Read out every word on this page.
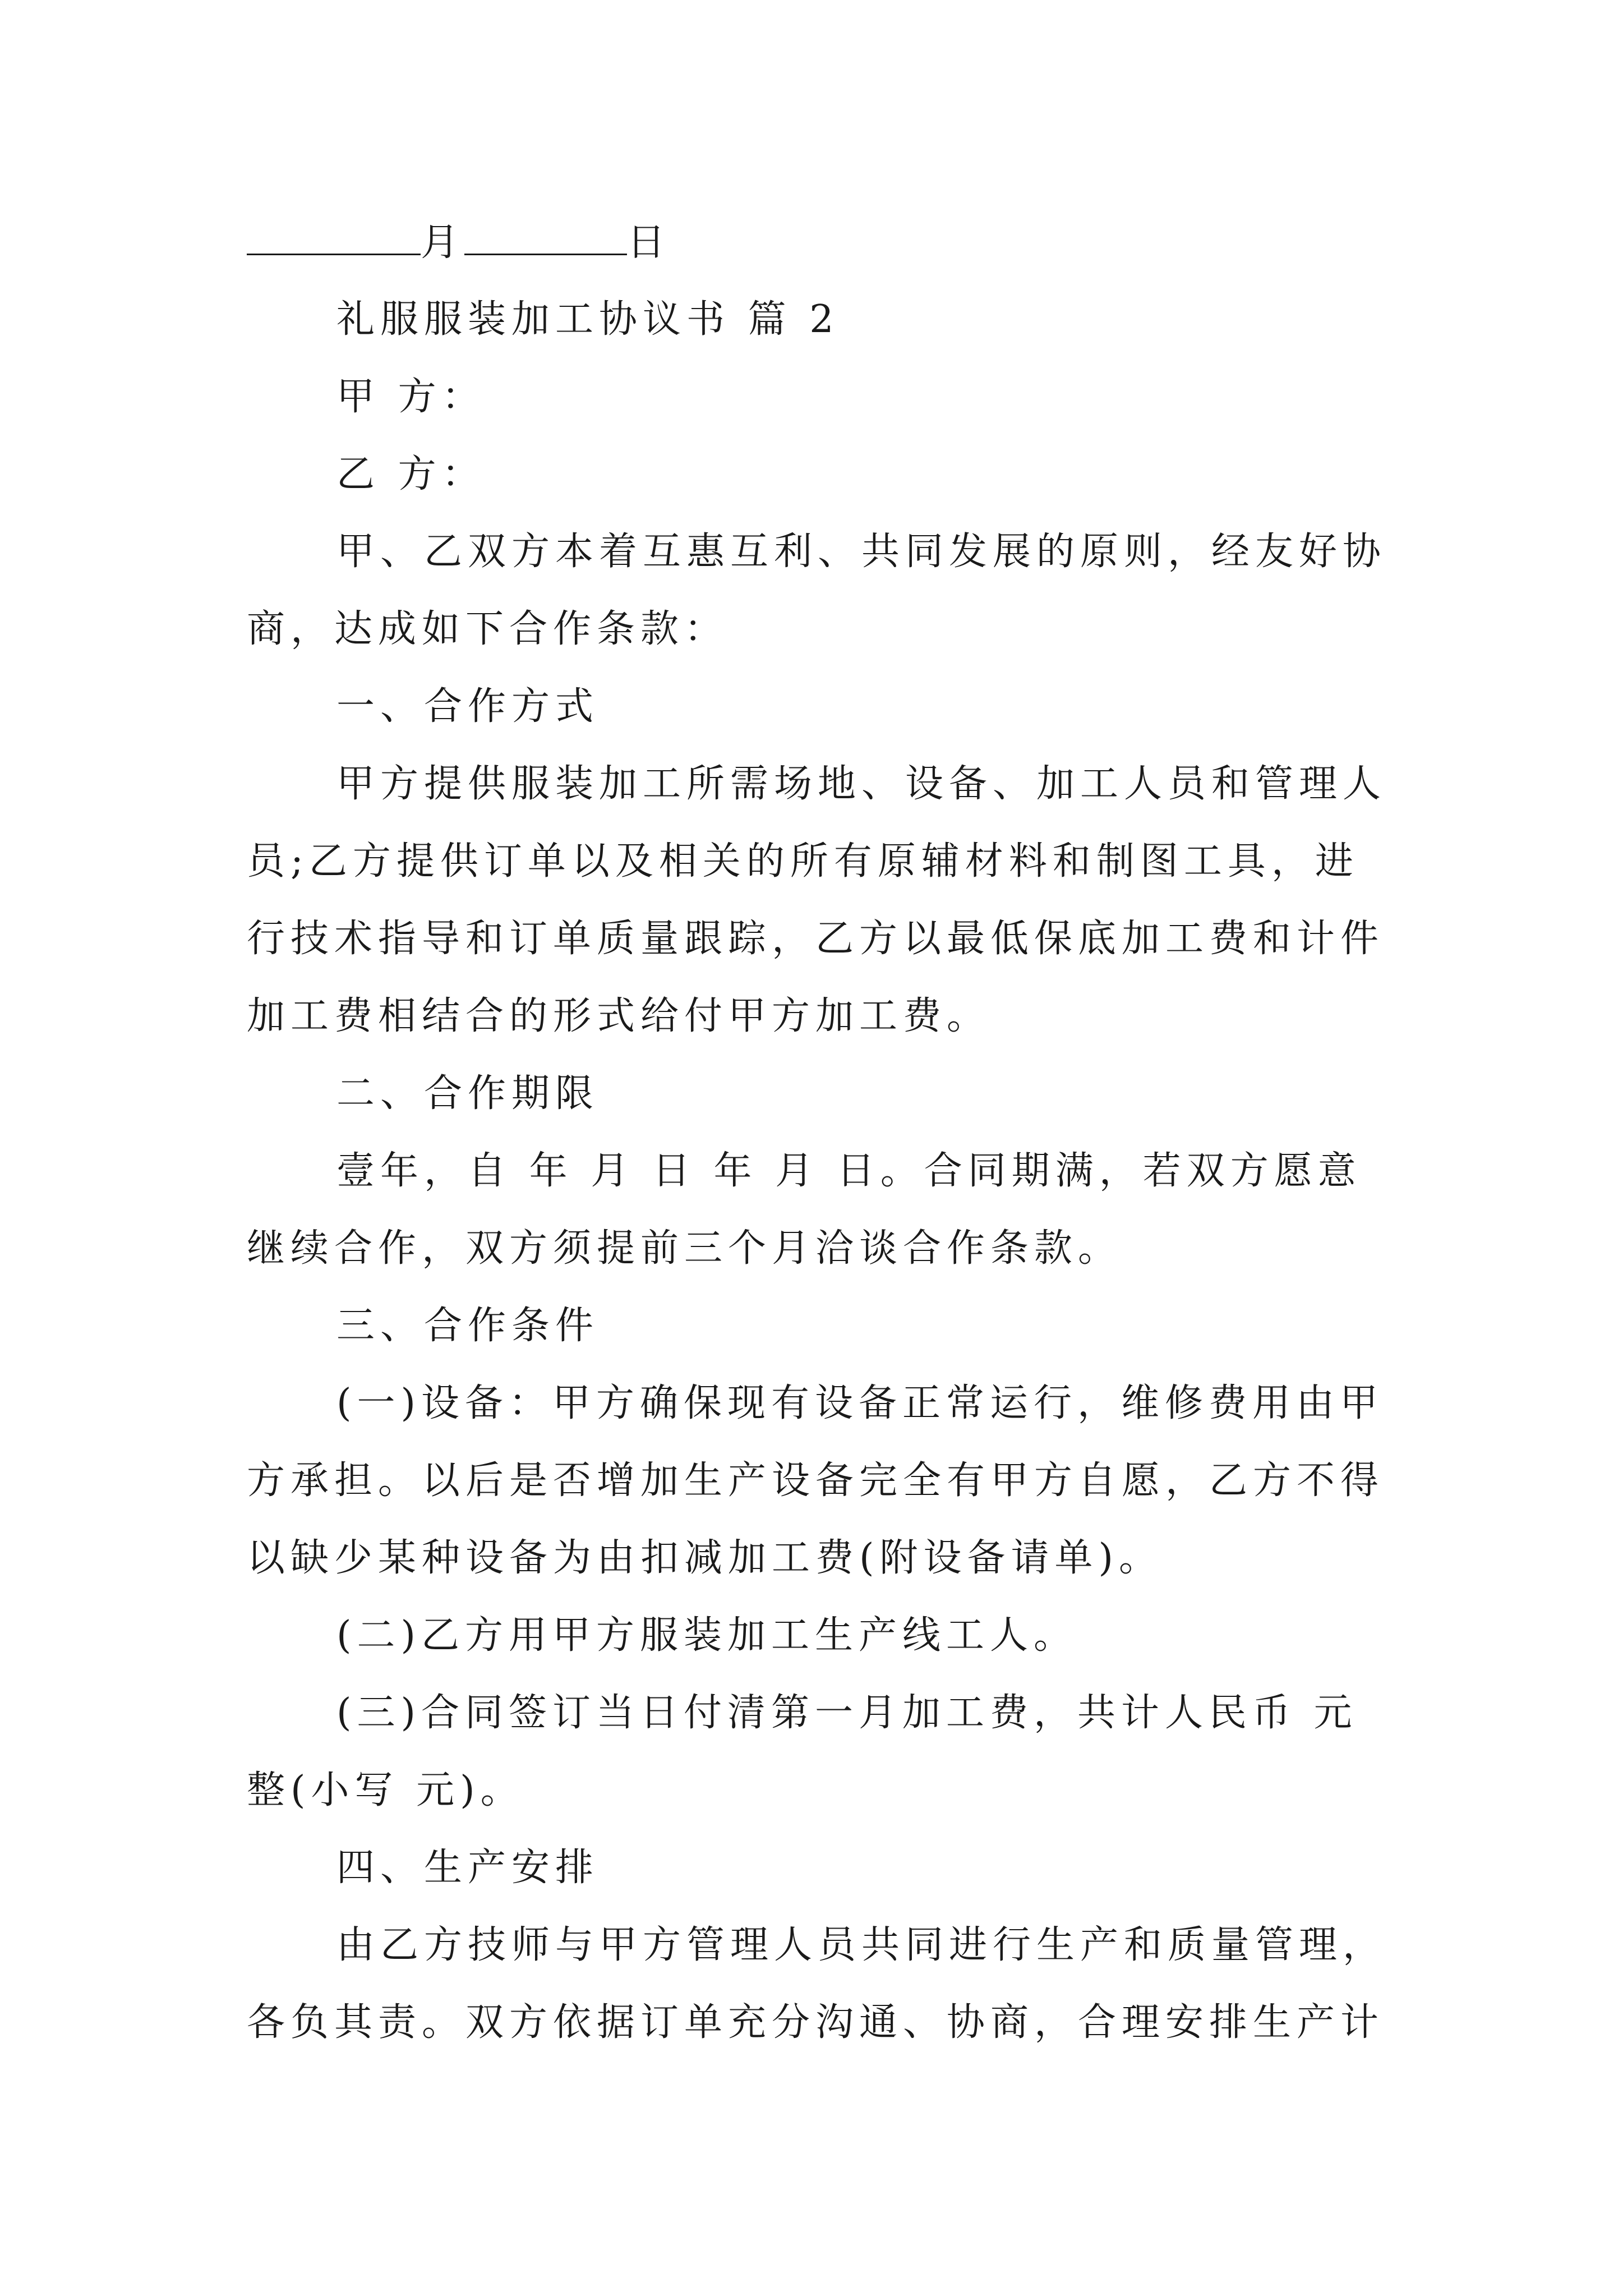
月	日
礼服服装加工协议书 篇 2
甲 方：
乙 方：
甲、乙双方本着互惠互利、共同发展的原则，经友好协
商，达成如下合作条款：
一、合作方式
甲方提供服装加工所需场地、设备、加工人员和管理人
员;乙方提供订单以及相关的所有原辅材料和制图工具，进
行技术指导和订单质量跟踪，乙方以最低保底加工费和计件
加工费相结合的形式给付甲方加工费。
二、合作期限
壹年，自 年 月 日 年 月 日。合同期满，若双方愿意
继续合作，双方须提前三个月洽谈合作条款。
三、合作条件
(一)设备：甲方确保现有设备正常运行，维修费用由甲
方承担。以后是否增加生产设备完全有甲方自愿，乙方不得
以缺少某种设备为由扣减加工费(附设备请单)。
(二)乙方用甲方服装加工生产线工人。
(三)合同签订当日付清第一月加工费，共计人民币 元
整(小写 元)。
四、生产安排
由乙方技师与甲方管理人员共同进行生产和质量管理，
各负其责。双方依据订单充分沟通、协商，合理安排生产计
